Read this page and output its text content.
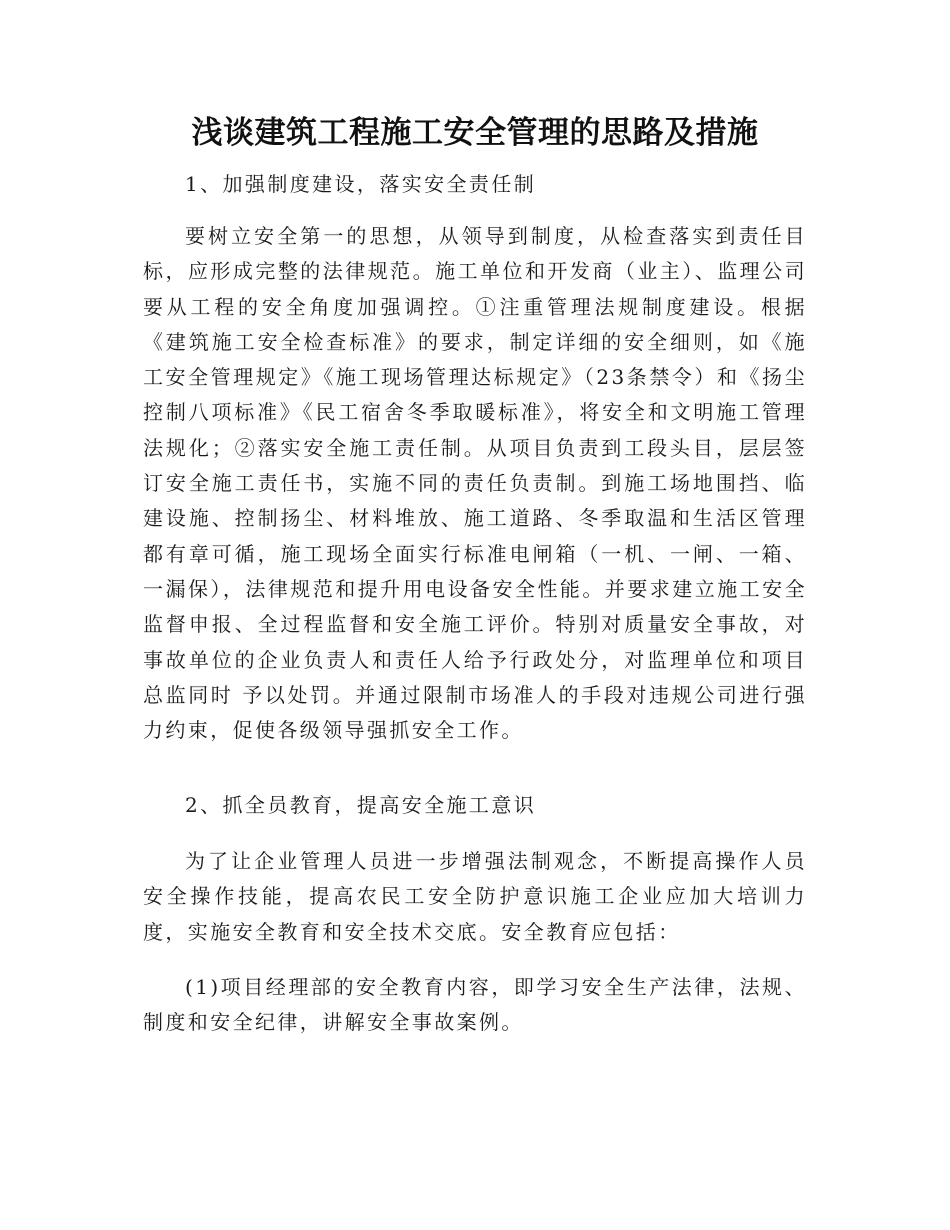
浅谈建筑工程施工安全管理的思路及措施

1、加强制度建设，落实安全责任制

要树立安全第一的思想，从领导到制度，从检查落实到责任目标，应形成完整的法律规范。施工单位和开发商（业主）、监理公司要从工程的安全角度加强调控。①注重管理法规制度建设。根据《建筑施工安全检查标准》的要求，制定详细的安全细则，如《施工安全管理规定》《施工现场管理达标规定》（23条禁令）和《扬尘控制八项标准》《民工宿舍冬季取暖标准》，将安全和文明施工管理法规化；②落实安全施工责任制。从项目负责到工段头目，层层签订安全施工责任书，实施不同的责任负责制。到施工场地围挡、临建设施、控制扬尘、材料堆放、施工道路、冬季取温和生活区管理都有章可循，施工现场全面实行标准电闸箱（一机、一闸、一箱、一漏保），法律规范和提升用电设备安全性能。并要求建立施工安全监督申报、全过程监督和安全施工评价。特别对质量安全事故，对事故单位的企业负责人和责任人给予行政处分，对监理单位和项目总监同时 予以处罚。并通过限制市场准人的手段对违规公司进行强力约束，促使各级领导强抓安全工作。

2、抓全员教育，提高安全施工意识

为了让企业管理人员进一步增强法制观念，不断提高操作人员安全操作技能，提高农民工安全防护意识施工企业应加大培训力度，实施安全教育和安全技术交底。安全教育应包括：

(1)项目经理部的安全教育内容，即学习安全生产法律，法规、制度和安全纪律，讲解安全事故案例。
